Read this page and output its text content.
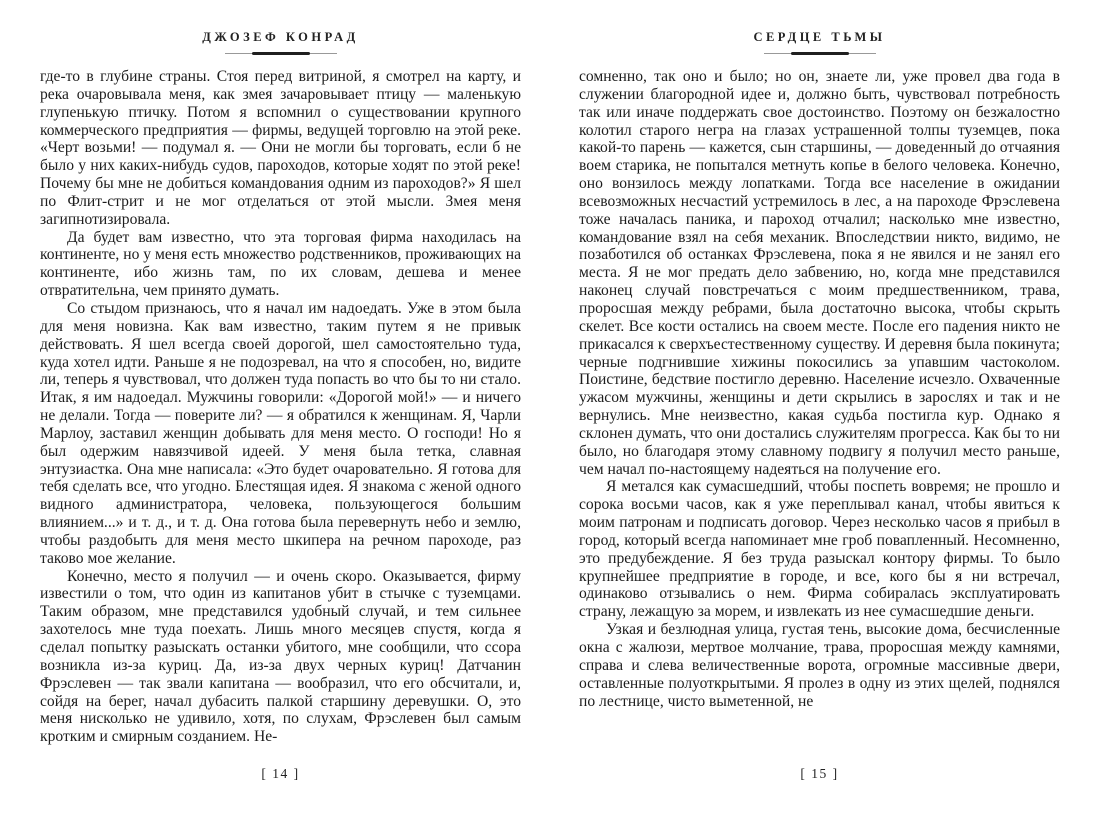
ДЖОЗЕФ КОНРАД

где-то в глубине страны. Стоя перед витриной, я смотрел на карту, и река очаровывала меня, как змея зачаровывает птицу — маленькую глупенькую птичку. Потом я вспомнил о существовании крупного коммерческого предприятия — фирмы, ведущей торговлю на этой реке. «Черт возьми! — подумал я. — Они не могли бы торговать, если б не было у них каких-нибудь судов, пароходов, которые ходят по этой реке! Почему бы мне не добиться командования одним из пароходов?» Я шел по Флит-стрит и не мог отделаться от этой мысли. Змея меня загипнотизировала.

Да будет вам известно, что эта торговая фирма находилась на континенте, но у меня есть множество родственников, проживающих на континенте, ибо жизнь там, по их словам, дешева и менее отвратительна, чем принято думать.

Со стыдом признаюсь, что я начал им надоедать. Уже в этом была для меня новизна. Как вам известно, таким путем я не привык действовать. Я шел всегда своей дорогой, шел самостоятельно туда, куда хотел идти. Раньше я не подозревал, на что я способен, но, видите ли, теперь я чувствовал, что должен туда попасть во что бы то ни стало. Итак, я им надоедал. Мужчины говорили: «Дорогой мой!» — и ничего не делали. Тогда — поверите ли? — я обратился к женщинам. Я, Чарли Марлоу, заставил женщин добывать для меня место. О господи! Но я был одержим навязчивой идеей. У меня была тетка, славная энтузиастка. Она мне написала: «Это будет очаровательно. Я готова для тебя сделать все, что угодно. Блестящая идея. Я знакома с женой одного видного администратора, человека, пользующегося большим влиянием...» и т. д., и т. д. Она готова была перевернуть небо и землю, чтобы раздобыть для меня место шкипера на речном пароходе, раз таково мое желание.

Конечно, место я получил — и очень скоро. Оказывается, фирму известили о том, что один из капитанов убит в стычке с туземцами. Таким образом, мне представился удобный случай, и тем сильнее захотелось мне туда поехать. Лишь много месяцев спустя, когда я сделал попытку разыскать останки убитого, мне сообщили, что ссора возникла из-за куриц. Да, из-за двух черных куриц! Датчанин Фрэслевен — так звали капитана — вообразил, что его обсчитали, и, сойдя на берег, начал дубасить палкой старшину деревушки. О, это меня нисколько не удивило, хотя, по слухам, Фрэслевен был самым кротким и смирным созданием. Не-

[ 14 ]
СЕРДЦЕ ТЬМЫ

сомненно, так оно и было; но он, знаете ли, уже провел два года в служении благородной идее и, должно быть, чувствовал потребность так или иначе поддержать свое достоинство. Поэтому он безжалостно колотил старого негра на глазах устрашенной толпы туземцев, пока какой-то парень — кажется, сын старшины, — доведенный до отчаяния воем старика, не попытался метнуть копье в белого человека. Конечно, оно вонзилось между лопатками. Тогда все население в ожидании всевозможных несчастий устремилось в лес, а на пароходе Фрэслевена тоже началась паника, и пароход отчалил; насколько мне известно, командование взял на себя механик. Впоследствии никто, видимо, не позаботился об останках Фрэслевена, пока я не явился и не занял его места. Я не мог предать дело забвению, но, когда мне представился наконец случай повстречаться с моим предшественником, трава, проросшая между ребрами, была достаточно высока, чтобы скрыть скелет. Все кости остались на своем месте. После его падения никто не прикасался к сверхъестественному существу. И деревня была покинута; черные подгнившие хижины покосились за упавшим частоколом. Поистине, бедствие постигло деревню. Население исчезло. Охваченные ужасом мужчины, женщины и дети скрылись в зарослях и так и не вернулись. Мне неизвестно, какая судьба постигла кур. Однако я склонен думать, что они достались служителям прогресса. Как бы то ни было, но благодаря этому славному подвигу я получил место раньше, чем начал по-настоящему надеяться на получение его.

Я метался как сумасшедший, чтобы поспеть вовремя; не прошло и сорока восьми часов, как я уже переплывал канал, чтобы явиться к моим патронам и подписать договор. Через несколько часов я прибыл в город, который всегда напоминает мне гроб повапленный. Несомненно, это предубеждение. Я без труда разыскал контору фирмы. То было крупнейшее предприятие в городе, и все, кого бы я ни встречал, одинаково отзывались о нем. Фирма собиралась эксплуатировать страну, лежащую за морем, и извлекать из нее сумасшедшие деньги.

Узкая и безлюдная улица, густая тень, высокие дома, бесчисленные окна с жалюзи, мертвое молчание, трава, проросшая между камнями, справа и слева величественные ворота, огромные массивные двери, оставленные полуоткрытыми. Я пролез в одну из этих щелей, поднялся по лестнице, чисто выметенной, не

[ 15 ]
